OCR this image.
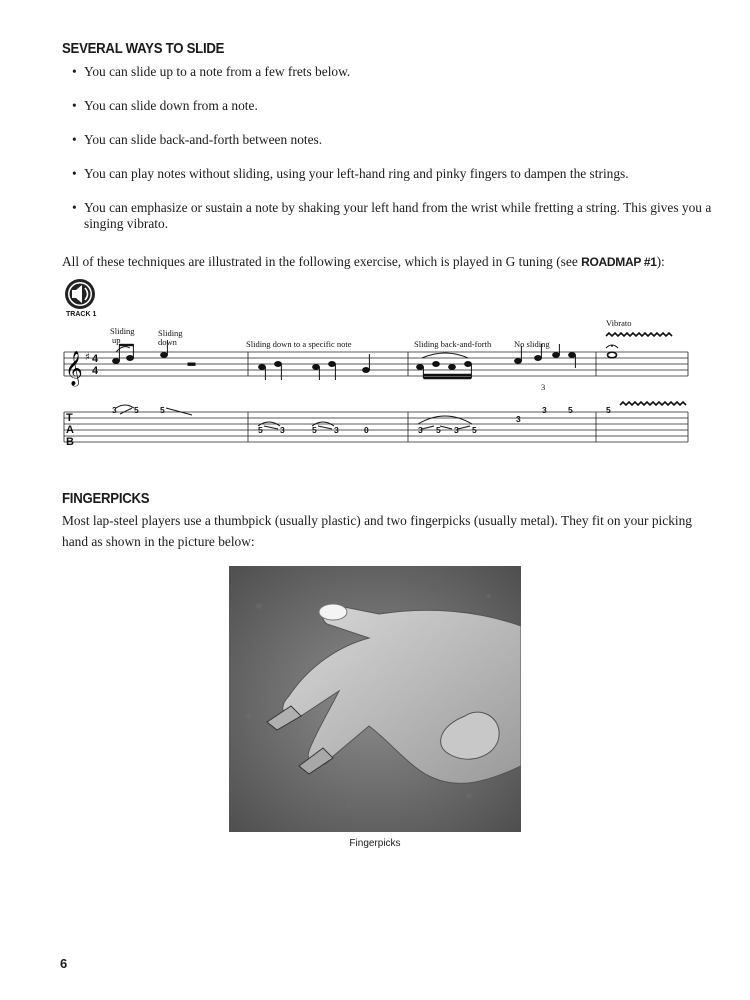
SEVERAL WAYS TO SLIDE
• You can slide up to a note from a few frets below.
• You can slide down from a note.
• You can slide back-and-forth between notes.
• You can play notes without sliding, using your left-hand ring and pinky fingers to dampen the strings.
• You can emphasize or sustain a note by shaking your left hand from the wrist while fretting a string. This gives you a singing vibrato.
All of these techniques are illustrated in the following exercise, which is played in G tuning (see ROADMAP #1):
TRACK 1
Sliding
up
Sliding
down	Sliding down to a specific note	Sliding back-and-forth	No sliding
Vibrato
𝄞 ♯ 4
4
3
T
A
B
3 5	5
5 3	5 3	0	3 5 3 5
3
3	5	5
FINGERPICKS
Most lap-steel players use a thumbpick (usually plastic) and two fingerpicks (usually metal). They fit on your picking hand as shown in the picture below:
Fingerpicks
6
